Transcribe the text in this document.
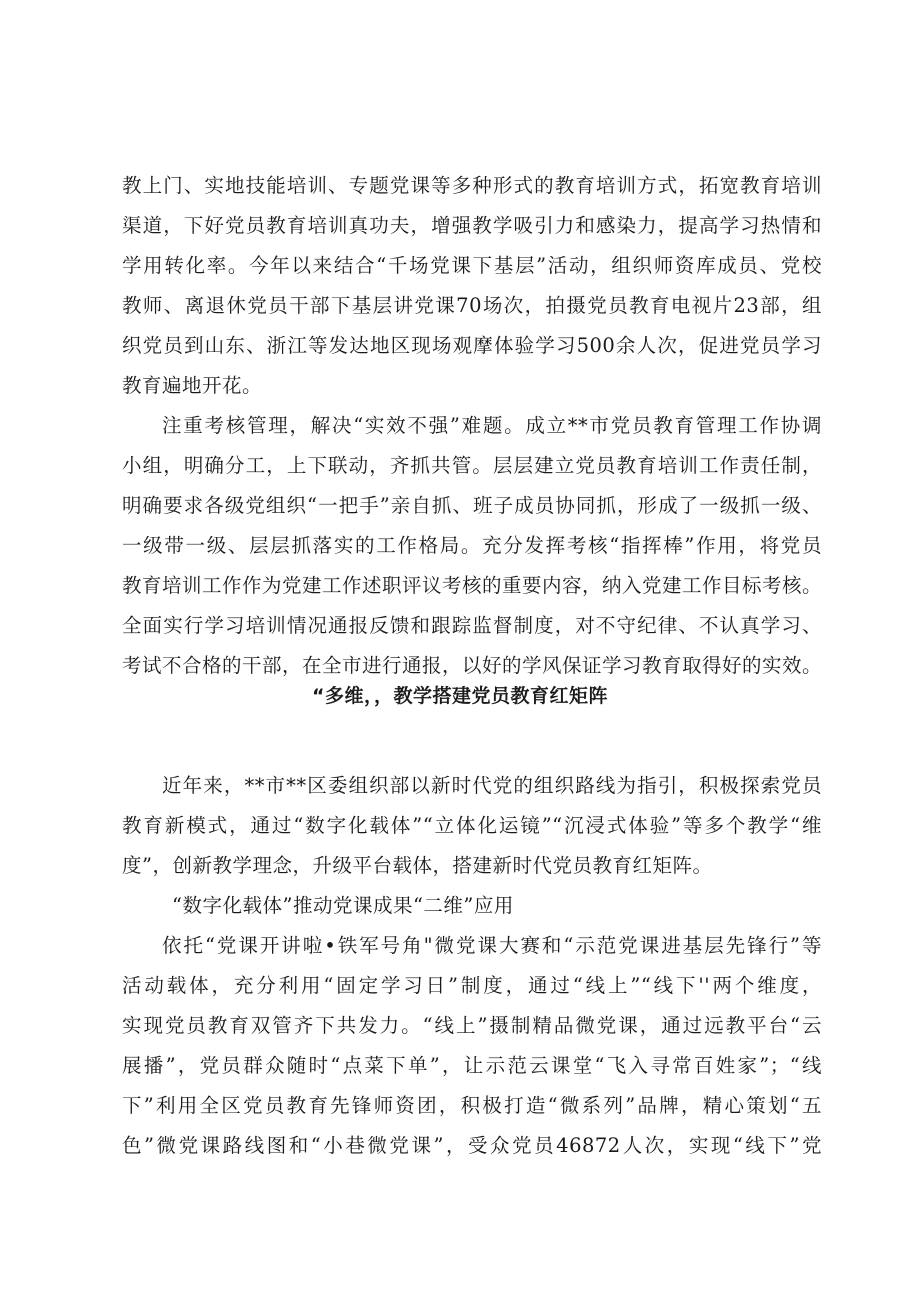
教上门、实地技能培训、专题党课等多种形式的教育培训方式，拓宽教育培训
渠道，下好党员教育培训真功夫，增强教学吸引力和感染力，提高学习热情和
学用转化率。今年以来结合“千场党课下基层”活动，组织师资库成员、党校
教师、离退休党员干部下基层讲党课70场次，拍摄党员教育电视片23部，组
织党员到山东、浙江等发达地区现场观摩体验学习500余人次，促进党员学习
教育遍地开花。
注重考核管理，解决“实效不强”难题。成立**市党员教育管理工作协调
小组，明确分工，上下联动，齐抓共管。层层建立党员教育培训工作责任制，
明确要求各级党组织“一把手”亲自抓、班子成员协同抓，形成了一级抓一级、
一级带一级、层层抓落实的工作格局。充分发挥考核“指挥棒”作用，将党员
教育培训工作作为党建工作述职评议考核的重要内容，纳入党建工作目标考核。
全面实行学习培训情况通报反馈和跟踪监督制度，对不守纪律、不认真学习、
考试不合格的干部，在全市进行通报，以好的学风保证学习教育取得好的实效。
“多维，，教学搭建党员教育红矩阵
近年来，**市**区委组织部以新时代党的组织路线为指引，积极探索党员
教育新模式，通过“数字化载体”“立体化运镜”“沉浸式体验”等多个教学“维
度”，创新教学理念，升级平台载体，搭建新时代党员教育红矩阵。
“数字化载体”推动党课成果“二维”应用
依托“党课开讲啦•铁军号角"微党课大赛和“示范党课进基层先锋行”等
活动载体，充分利用“固定学习日”制度，通过“线上”“线下''两个维度，
实现党员教育双管齐下共发力。“线上”摄制精品微党课，通过远教平台“云
展播”，党员群众随时“点菜下单”，让示范云课堂“飞入寻常百姓家”；“线
下”利用全区党员教育先锋师资团，积极打造“微系列”品牌，精心策划“五
色”微党课路线图和“小巷微党课”，受众党员46872人次，实现“线下”党
